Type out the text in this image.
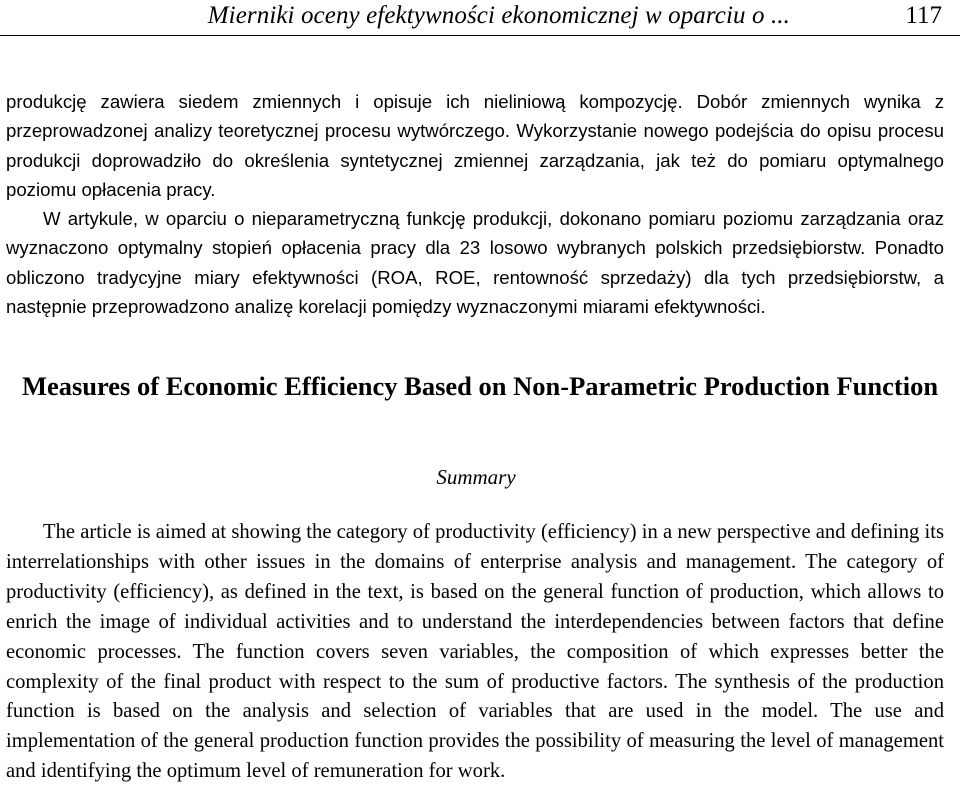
Mierniki oceny efektywności ekonomicznej w oparciu o ...	117

produkcję zawiera siedem zmiennych i opisuje ich nieliniową kompozycję. Dobór zmiennych wynika z przeprowadzonej analizy teoretycznej procesu wytwórczego. Wykorzystanie nowego podejścia do opisu procesu produkcji doprowadziło do określenia syntetycznej zmiennej zarządzania, jak też do pomiaru optymalnego poziomu opłacenia pracy.

W artykule, w oparciu o nieparametryczną funkcję produkcji, dokonano pomiaru poziomu zarządzania oraz wyznaczono optymalny stopień opłacenia pracy dla 23 losowo wybranych polskich przedsiębiorstw. Ponadto obliczono tradycyjne miary efektywności (ROA, ROE, rentowność sprzedaży) dla tych przedsiębiorstw, a następnie przeprowadzono analizę korelacji pomiędzy wyznaczonymi miarami efektywności.

Measures of Economic Efficiency Based on Non-Parametric Production Function
Summary

The article is aimed at showing the category of productivity (efficiency) in a new perspective and defining its interrelationships with other issues in the domains of enterprise analysis and management. The category of productivity (efficiency), as defined in the text, is based on the general function of production, which allows to enrich the image of individual activities and to understand the interdependencies between factors that define economic processes. The function covers seven variables, the composition of which expresses better the complexity of the final product with respect to the sum of productive factors. The synthesis of the production function is based on the analysis and selection of variables that are used in the model. The use and implementation of the general production function provides the possibility of measuring the level of management and identifying the optimum level of remuneration for work.
